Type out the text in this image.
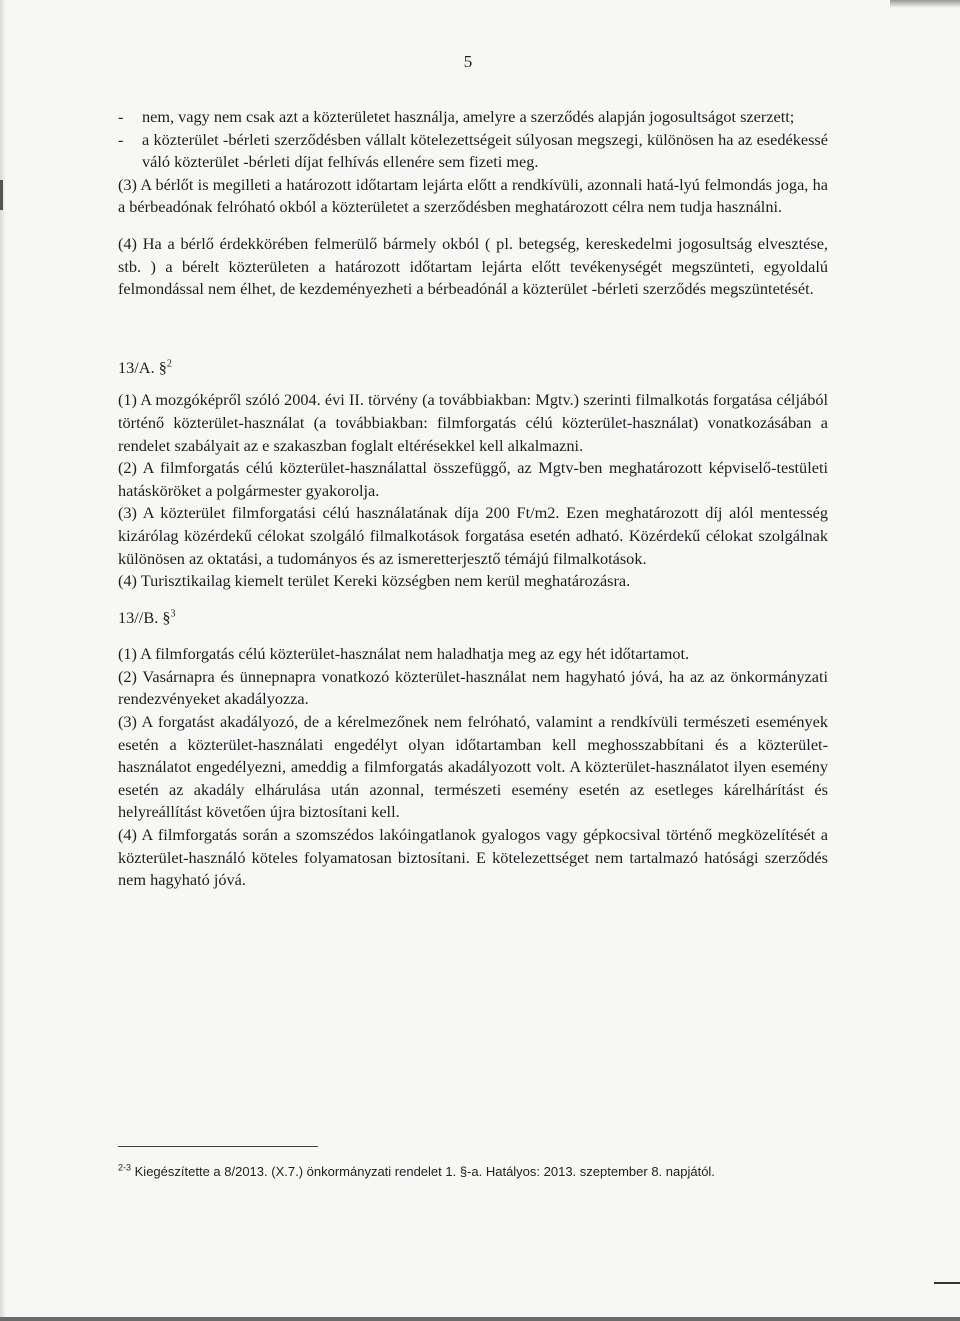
5

- nem, vagy nem csak azt a közterületet használja, amelyre a szerződés alapján jogosultságot szerzett;

- a közterület -bérleti szerződésben vállalt kötelezettségeit súlyosan megszegi, különösen ha az esedékessé váló közterület -bérleti díjat felhívás ellenére sem fizeti meg.

(3) A bérlőt is megilleti a határozott időtartam lejárta előtt a rendkívüli, azonnali hatá-lyú felmondás joga, ha a bérbeadónak felróható okból a közterületet a szerződésben meghatározott célra nem tudja használni.

(4) Ha a bérlő érdekkörében felmerülő bármely okból ( pl. betegség, kereskedelmi jogosultság elvesztése, stb. ) a bérelt közterületen a határozott időtartam lejárta előtt tevékenységét megszünteti, egyoldalú felmondással nem élhet, de kezdeményezheti a bérbeadónál a közterület -bérleti szerződés megszüntetését.

13/A. §$^2$

(1) A mozgóképről szóló 2004. évi II. törvény (a továbbiakban: Mgtv.) szerinti filmalkotás forgatása céljából történő közterület-használat (a továbbiakban: filmforgatás célú közterület-használat) vonatkozásában a rendelet szabályait az e szakaszban foglalt eltérésekkel kell alkalmazni.

(2) A filmforgatás célú közterület-használattal összefüggő, az Mgtv-ben meghatározott képviselő-testületi hatásköröket a polgármester gyakorolja.

(3) A közterület filmforgatási célú használatának díja 200 Ft/m2. Ezen meghatározott díj alól mentesség kizárólag közérdekű célokat szolgáló filmalkotások forgatása esetén adható. Közérdekű célokat szolgálnak különösen az oktatási, a tudományos és az ismeretterjesztő témájú filmalkotások.

(4) Turisztikailag kiemelt terület Kereki községben nem kerül meghatározásra.

13//B. §$^3$

(1) A filmforgatás célú közterület-használat nem haladhatja meg az egy hét időtartamot.

(2) Vasárnapra és ünnepnapra vonatkozó közterület-használat nem hagyható jóvá, ha az az önkormányzati rendezvényeket akadályozza.

(3) A forgatást akadályozó, de a kérelmezőnek nem felróható, valamint a rendkívüli természeti események esetén a közterület-használati engedélyt olyan időtartamban kell meghosszabbítani és a közterület-használatot engedélyezni, ameddig a filmforgatás akadályozott volt. A közterület-használatot ilyen esemény esetén az akadály elhárulása után azonnal, természeti esemény esetén az esetleges kárelhárítást és helyreállítást követően újra biztosítani kell.

(4) A filmforgatás során a szomszédos lakóingatlanok gyalogos vagy gépkocsival történő megközelítését a közterület-használó köteles folyamatosan biztosítani. E kötelezettséget nem tartalmazó hatósági szerződés nem hagyható jóvá.

$^{2-3}$ Kiegészítette a 8/2013. (X.7.) önkormányzati rendelet 1. §-a. Hatályos: 2013. szeptember 8. napjától.
